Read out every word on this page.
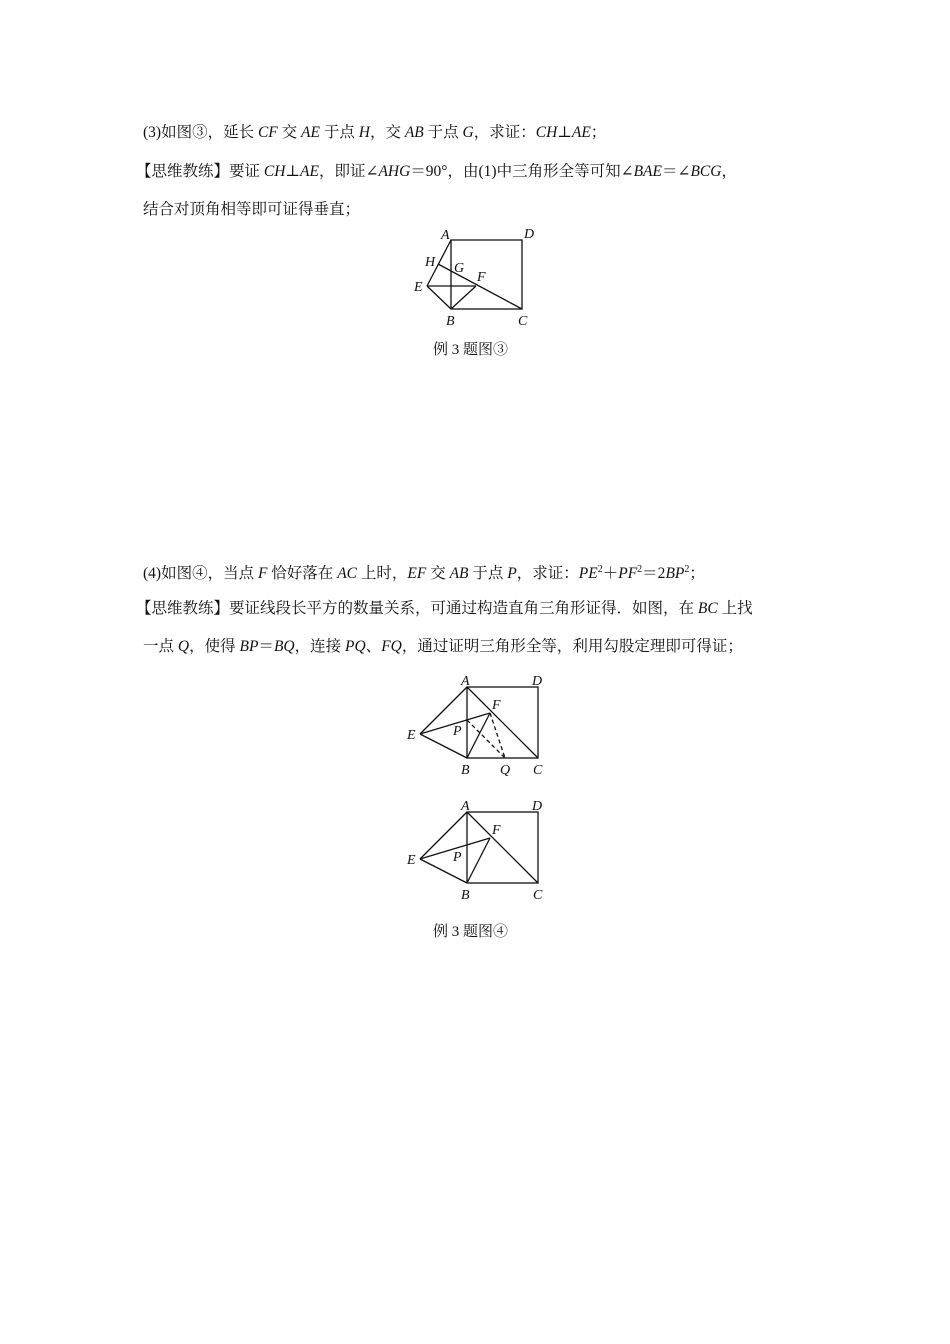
(3)如图③，延长 CF 交 AE 于点 H，交 AB 于点 G，求证：CH⊥AE；
【思维教练】要证 CH⊥AE，即证∠AHG＝90°，由(1)中三角形全等可知∠BAE＝∠BCG，
结合对顶角相等即可证得垂直；
A	D
H G
F
E
B	C
例 3 题图③
(4)如图④，当点 F 恰好落在 AC 上时，EF 交 AB 于点 P，求证：$PE^2+PF^2=2BP^2$；
【思维教练】要证线段长平方的数量关系，可通过构造直角三角形证得．如图，在 BC 上找
一点 Q，使得 BP＝BQ，连接 PQ、FQ，通过证明三角形全等，利用勾股定理即可得证；
A	D
F
E	P
B Q C
A	D
F
E	P
B	C
例 3 题图④
